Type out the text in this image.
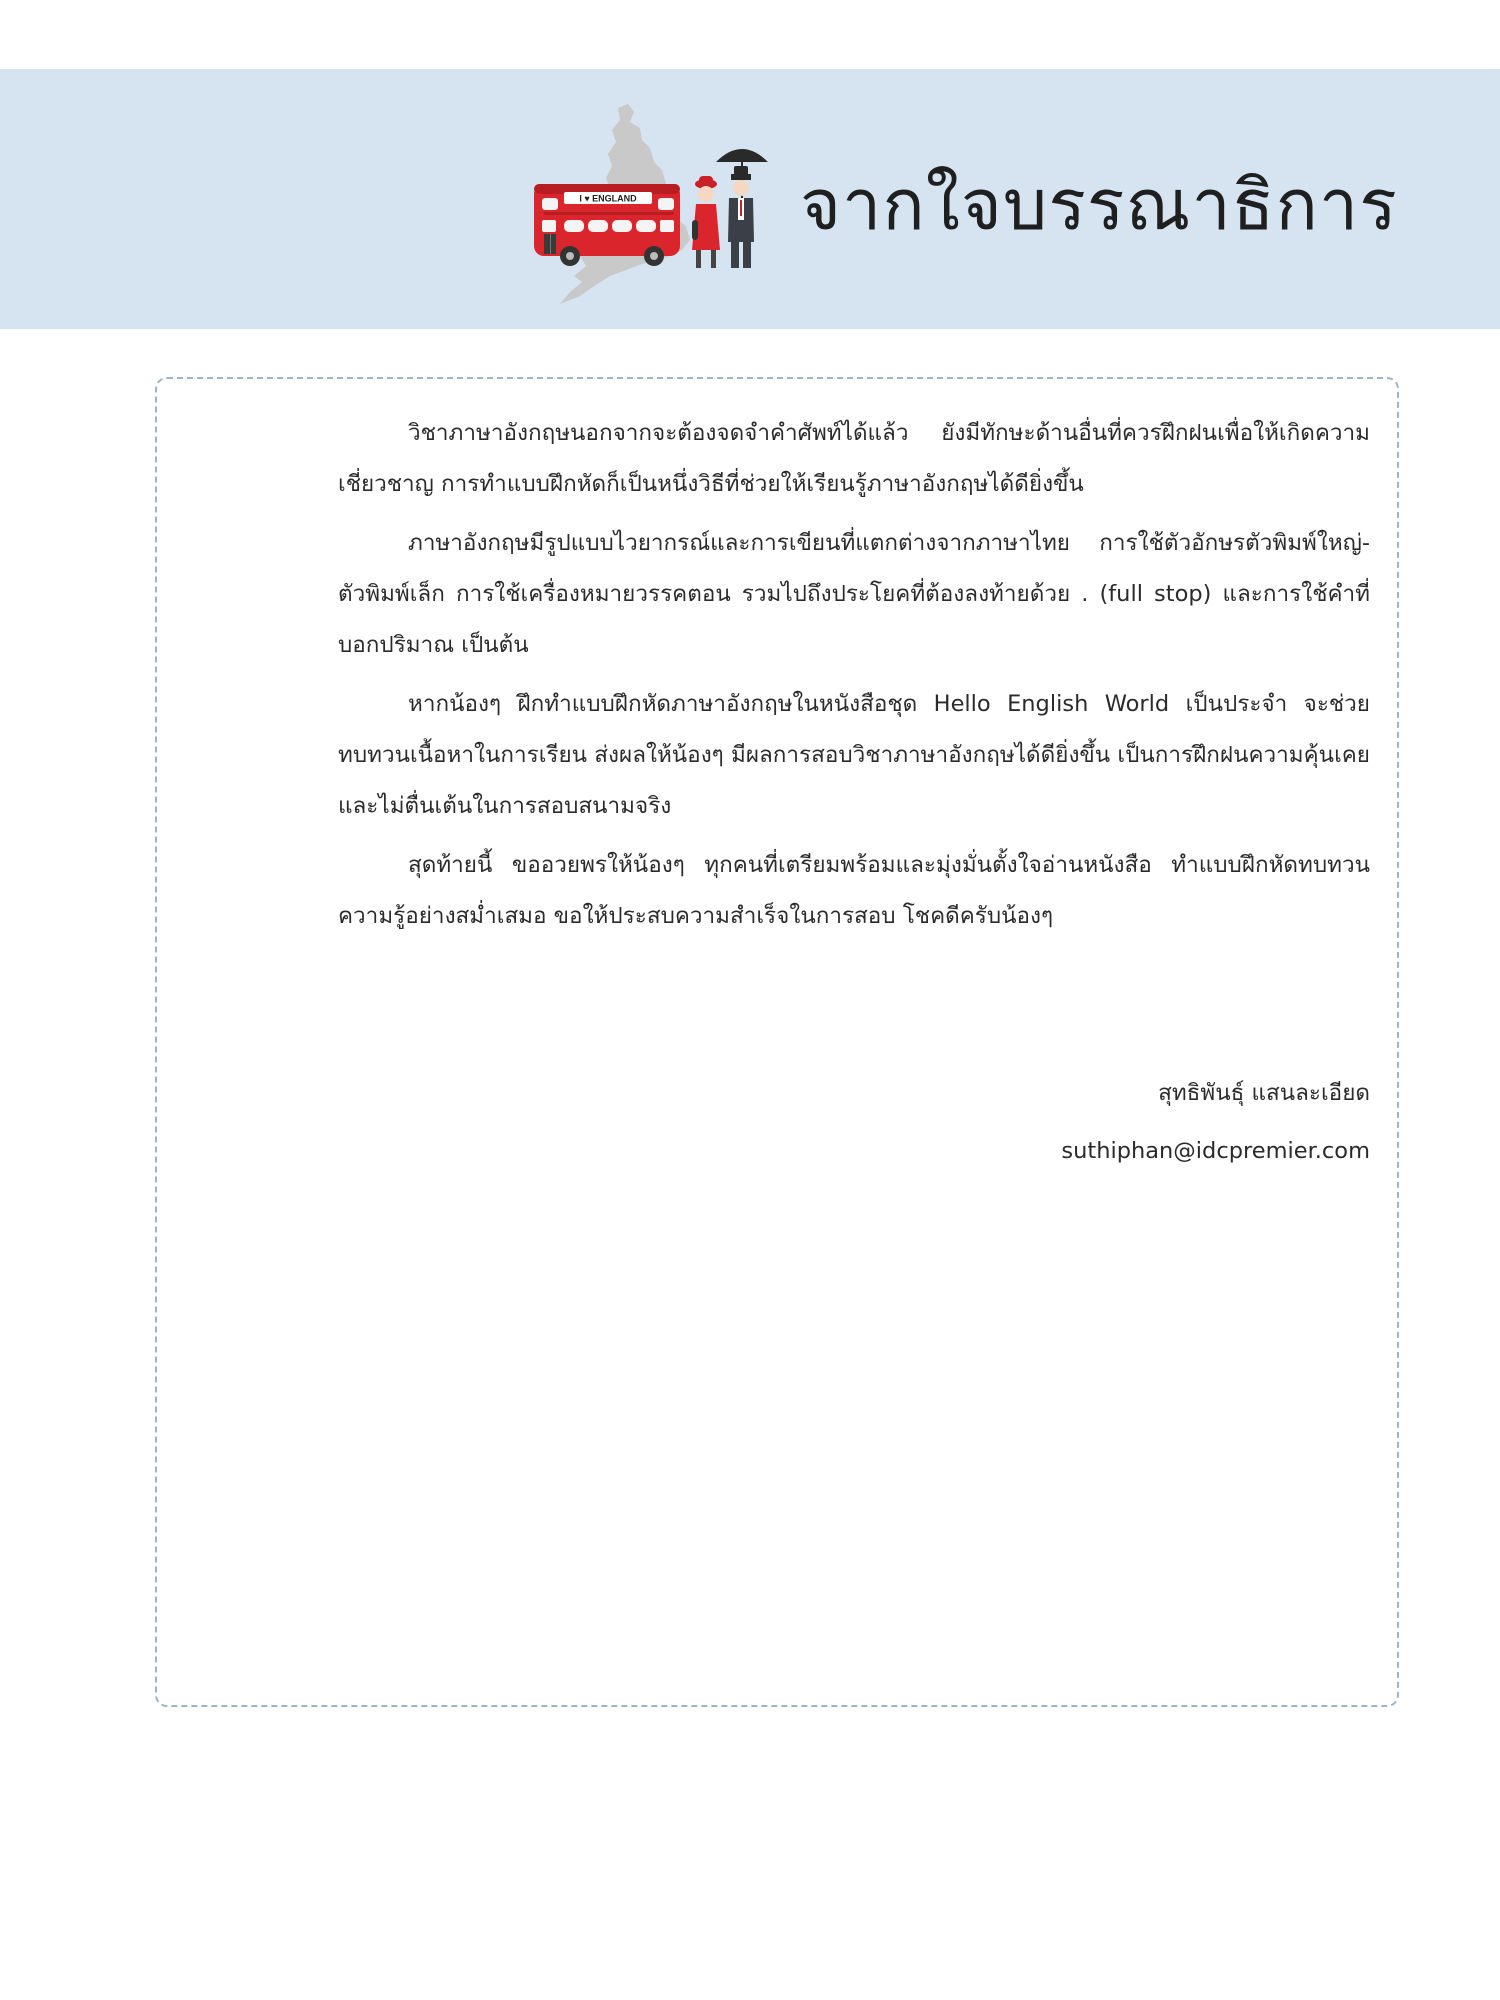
I ♥ ENGLAND จากใจบรรณาธิการ

วิชาภาษาอังกฤษนอกจากจะต้องจดจำคำศัพท์ได้แล้ว ยังมีทักษะด้านอื่นที่ควรฝึกฝนเพื่อให้เกิดความเชี่ยวชาญ การทำแบบฝึกหัดก็เป็นหนึ่งวิธีที่ช่วยให้เรียนรู้ภาษาอังกฤษได้ดียิ่งขึ้น

ภาษาอังกฤษมีรูปแบบไวยากรณ์และการเขียนที่แตกต่างจากภาษาไทย การใช้ตัวอักษรตัวพิมพ์ใหญ่-ตัวพิมพ์เล็ก การใช้เครื่องหมายวรรคตอน รวมไปถึงประโยคที่ต้องลงท้ายด้วย . (full stop) และการใช้คำที่บอกปริมาณ เป็นต้น

หากน้องๆ ฝึกทำแบบฝึกหัดภาษาอังกฤษในหนังสือชุด Hello English World เป็นประจำ จะช่วยทบทวนเนื้อหาในการเรียน ส่งผลให้น้องๆ มีผลการสอบวิชาภาษาอังกฤษได้ดียิ่งขึ้น เป็นการฝึกฝนความคุ้นเคยและไม่ตื่นเต้นในการสอบสนามจริง

สุดท้ายนี้ ขออวยพรให้น้องๆ ทุกคนที่เตรียมพร้อมและมุ่งมั่นตั้งใจอ่านหนังสือ ทำแบบฝึกหัดทบทวนความรู้อย่างสม่ำเสมอ ขอให้ประสบความสำเร็จในการสอบ โชคดีครับน้องๆ

สุทธิพันธุ์ แสนละเอียด
suthiphan@idcpremier.com
